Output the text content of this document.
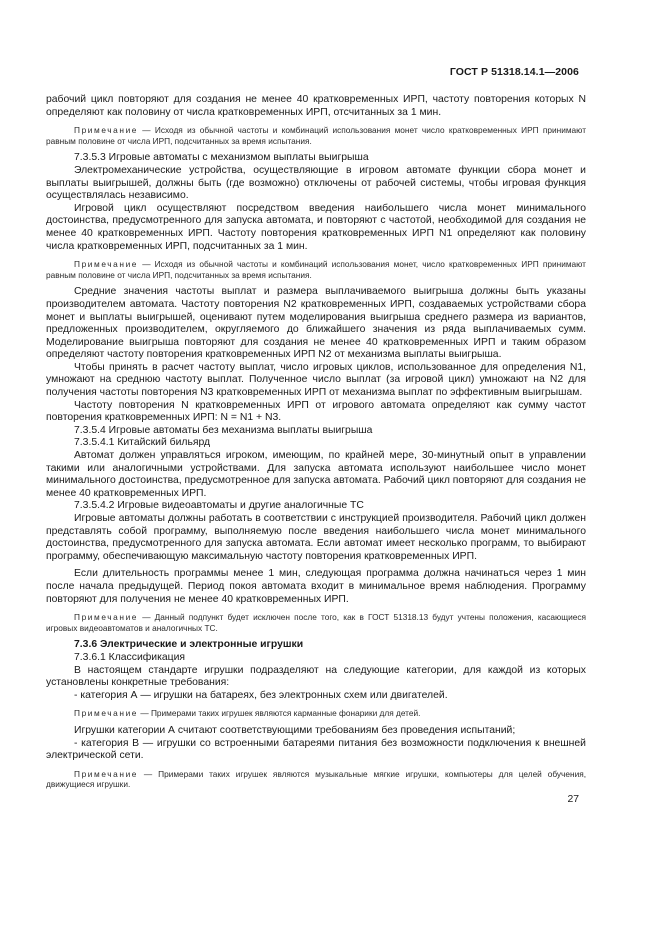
ГОСТ Р 51318.14.1—2006

рабочий цикл повторяют для создания не менее 40 кратковременных ИРП, частоту повторения которых N определяют как половину от числа кратковременных ИРП, отсчитанных за 1 мин.

Примечание — Исходя из обычной частоты и комбинаций использования монет число кратковременных ИРП принимают равным половине от числа ИРП, подсчитанных за время испытания.

7.3.5.3 Игровые автоматы с механизмом выплаты выигрыша

Электромеханические устройства, осуществляющие в игровом автомате функции сбора монет и выплаты выигрышей, должны быть (где возможно) отключены от рабочей системы, чтобы игровая функция осуществлялась независимо.

Игровой цикл осуществляют посредством введения наибольшего числа монет минимального достоинства, предусмотренного для запуска автомата, и повторяют с частотой, необходимой для создания не менее 40 кратковременных ИРП. Частоту повторения кратковременных ИРП N1 определяют как половину числа кратковременных ИРП, подсчитанных за 1 мин.

Примечание — Исходя из обычной частоты и комбинаций использования монет, число кратковременных ИРП принимают равным половине от числа ИРП, подсчитанных за время испытания.

Средние значения частоты выплат и размера выплачиваемого выигрыша должны быть указаны производителем автомата. Частоту повторения N2 кратковременных ИРП, создаваемых устройствами сбора монет и выплаты выигрышей, оценивают путем моделирования выигрыша среднего размера из вариантов, предложенных производителем, округляемого до ближайшего значения из ряда выплачиваемых сумм. Моделирование выигрыша повторяют для создания не менее 40 кратковременных ИРП и таким образом определяют частоту повторения кратковременных ИРП N2 от механизма выплаты выигрыша.

Чтобы принять в расчет частоту выплат, число игровых циклов, использованное для определения N1, умножают на среднюю частоту выплат. Полученное число выплат (за игровой цикл) умножают на N2 для получения частоты повторения N3 кратковременных ИРП от механизма выплат по эффективным выигрышам.

Частоту повторения N кратковременных ИРП от игрового автомата определяют как сумму частот повторения кратковременных ИРП: N = N1 + N3.

7.3.5.4 Игровые автоматы без механизма выплаты выигрыша

7.3.5.4.1 Китайский бильярд

Автомат должен управляться игроком, имеющим, по крайней мере, 30-минутный опыт в управлении такими или аналогичными устройствами. Для запуска автомата используют наибольшее число монет минимального достоинства, предусмотренное для запуска автомата. Рабочий цикл повторяют для создания не менее 40 кратковременных ИРП.

7.3.5.4.2 Игровые видеоавтоматы и другие аналогичные ТС

Игровые автоматы должны работать в соответствии с инструкцией производителя. Рабочий цикл должен представлять собой программу, выполняемую после введения наибольшего числа монет минимального достоинства, предусмотренного для запуска автомата. Если автомат имеет несколько программ, то выбирают программу, обеспечивающую максимальную частоту повторения кратковременных ИРП.

Если длительность программы менее 1 мин, следующая программа должна начинаться через 1 мин после начала предыдущей. Период покоя автомата входит в минимальное время наблюдения. Программу повторяют для получения не менее 40 кратковременных ИРП.

Примечание — Данный подпункт будет исключен после того, как в ГОСТ 51318.13 будут учтены положения, касающиеся игровых видеоавтоматов и аналогичных ТС.

7.3.6 Электрические и электронные игрушки

7.3.6.1 Классификация

В настоящем стандарте игрушки подразделяют на следующие категории, для каждой из которых установлены конкретные требования:

- категория А — игрушки на батареях, без электронных схем или двигателей.

Примечание — Примерами таких игрушек являются карманные фонарики для детей.

Игрушки категории А считают соответствующими требованиям без проведения испытаний;

- категория В — игрушки со встроенными батареями питания без возможности подключения к внешней электрической сети.

Примечание — Примерами таких игрушек являются музыкальные мягкие игрушки, компьютеры для целей обучения, движущиеся игрушки.

27
